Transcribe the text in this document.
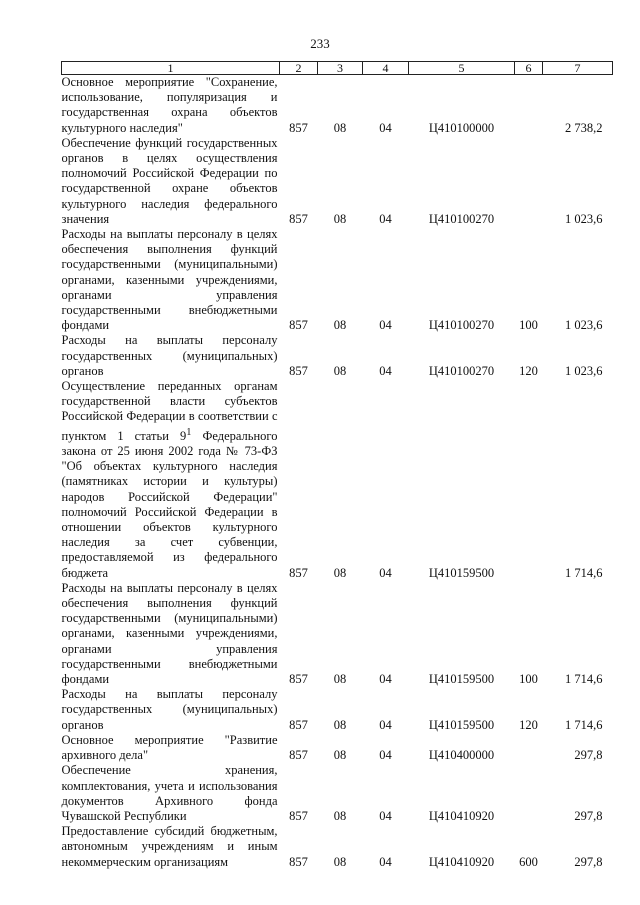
233
1	2	3	4	5	6	7
Основное мероприятие "Сохранение, использование, популяризация и государственная охрана объектов культурного наследия"	857	08	04	Ц410100000		2 738,2
Обеспечение функций государственных органов в целях осуществления полномочий Российской Федерации по государственной охране объектов культурного наследия федерального значения	857	08	04	Ц410100270		1 023,6
Расходы на выплаты персоналу в целях обеспечения выполнения функций государственными (муниципальными) органами, казенными учреждениями, органами управления государственными внебюджетными фондами	857	08	04	Ц410100270	100	1 023,6
Расходы на выплаты персоналу государственных (муниципальных) органов	857	08	04	Ц410100270	120	1 023,6
Осуществление переданных органам государственной власти субъектов Российской Федерации в соответствии с пунктом 1 статьи $9^1$ Федерального закона от 25 июня 2002 года № 73-ФЗ "Об объектах культурного наследия (памятниках истории и культуры) народов Российской Федерации" полномочий Российской Федерации в отношении объектов культурного наследия за счет субвенции, предоставляемой из федерального бюджета	857	08	04	Ц410159500		1 714,6
Расходы на выплаты персоналу в целях обеспечения выполнения функций государственными (муниципальными) органами, казенными учреждениями, органами управления государственными внебюджетными фондами	857	08	04	Ц410159500	100	1 714,6
Расходы на выплаты персоналу государственных (муниципальных) органов	857	08	04	Ц410159500	120	1 714,6
Основное мероприятие "Развитие архивного дела"	857	08	04	Ц410400000		297,8
Обеспечение хранения, комплектования, учета и использования документов Архивного фонда Чувашской Республики	857	08	04	Ц410410920		297,8
Предоставление субсидий бюджетным, автономным учреждениям и иным некоммерческим организациям	857	08	04	Ц410410920	600	297,8
